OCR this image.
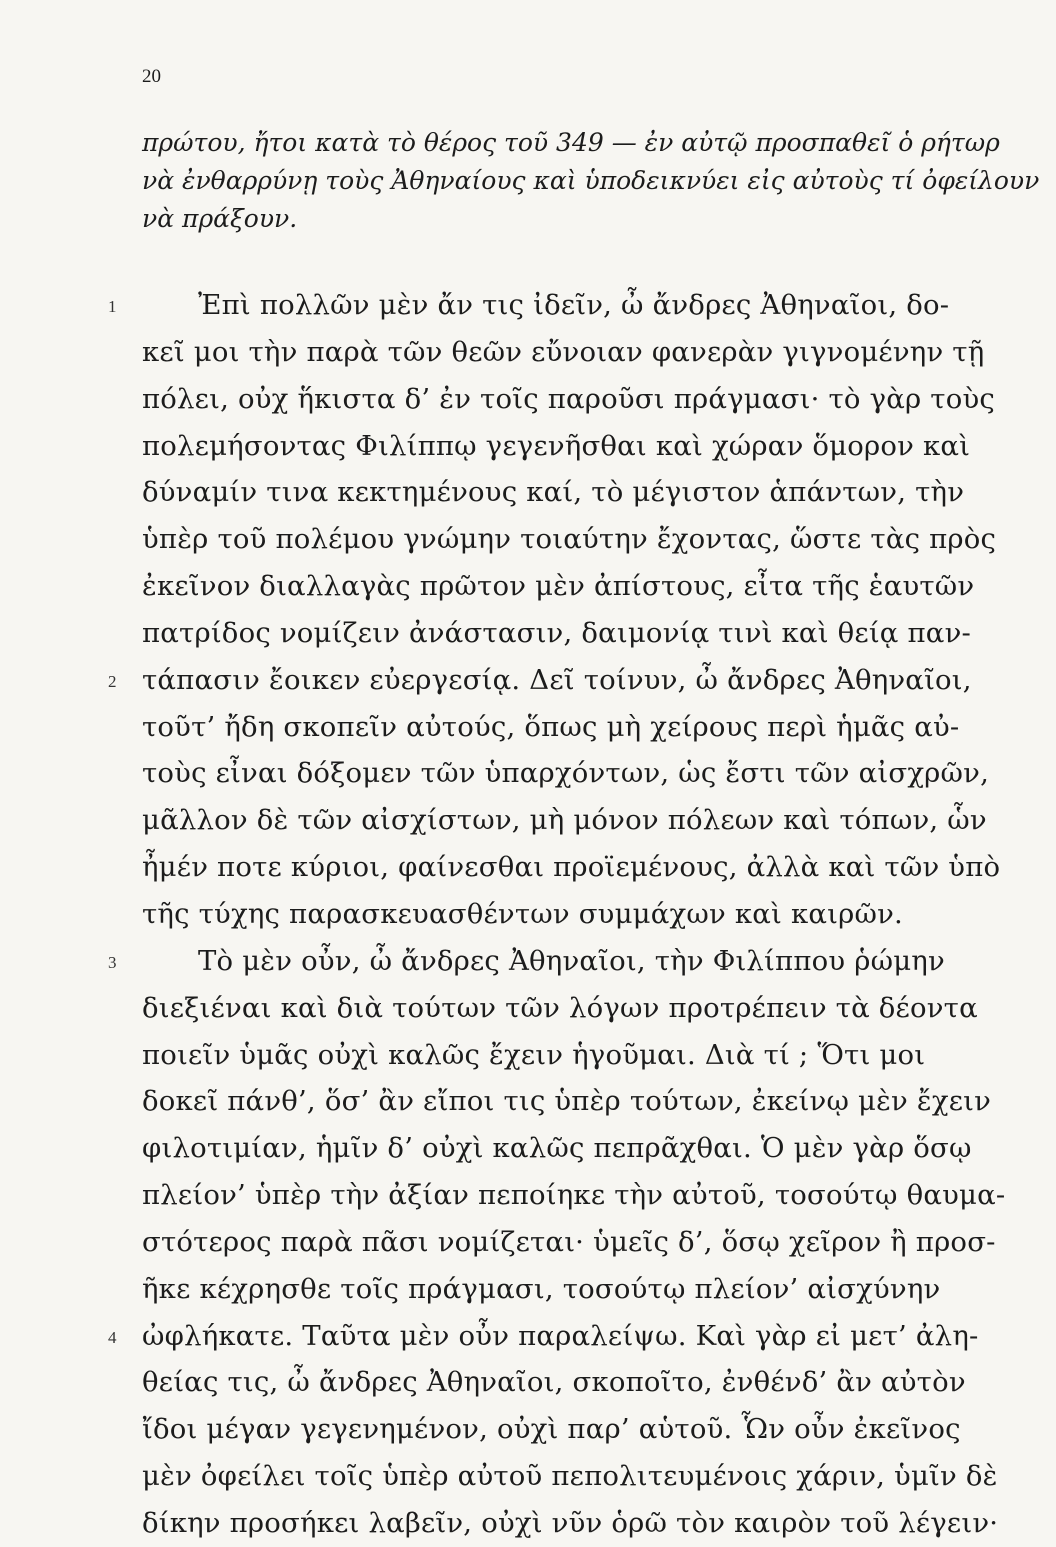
20
πρώτου, ἤτοι κατὰ τὸ θέρος τοῦ 349 — ἐν αὐτῷ προσπαθεῖ ὁ ρήτωρ
νὰ ἐνθαρρύνῃ τοὺς Ἀθηναίους καὶ ὑποδεικνύει εἰς αὐτοὺς τί ὀφείλουν
νὰ πράξουν.
1	Ἐπὶ πολλῶν μὲν ἄν τις ἰδεῖν, ὦ ἄνδρες Ἀθηναῖοι, δο-
κεῖ μοι τὴν παρὰ τῶν θεῶν εὔνοιαν φανερὰν γιγνομένην τῇ
πόλει, οὐχ ἥκιστα δ’ ἐν τοῖς παροῦσι πράγμασι· τὸ γὰρ τοὺς
πολεμήσοντας Φιλίππῳ γεγενῆσθαι καὶ χώραν ὅμορον καὶ
δύναμίν τινα κεκτημένους καί, τὸ μέγιστον ἁπάντων, τὴν
ὑπὲρ τοῦ πολέμου γνώμην τοιαύτην ἔχοντας, ὥστε τὰς πρὸς
ἐκεῖνον διαλλαγὰς πρῶτον μὲν ἀπίστους, εἶτα τῆς ἑαυτῶν
πατρίδος νομίζειν ἀνάστασιν, δαιμονίᾳ τινὶ καὶ θείᾳ παν-
2 τάπασιν ἔοικεν εὐεργεσίᾳ. Δεῖ τοίνυν, ὦ ἄνδρες Ἀθηναῖοι,
τοῦτ’ ἤδη σκοπεῖν αὐτούς, ὅπως μὴ χείρους περὶ ἡμᾶς αὐ-
τοὺς εἶναι δόξομεν τῶν ὑπαρχόντων, ὡς ἔστι τῶν αἰσχρῶν,
μᾶλλον δὲ τῶν αἰσχίστων, μὴ μόνον πόλεων καὶ τόπων, ὧν
ἦμέν ποτε κύριοι, φαίνεσθαι προϊεμένους, ἀλλὰ καὶ τῶν ὑπὸ
τῆς τύχης παρασκευασθέντων συμμάχων καὶ καιρῶν.
3	Τὸ μὲν οὖν, ὦ ἄνδρες Ἀθηναῖοι, τὴν Φιλίππου ῥώμην
διεξιέναι καὶ διὰ τούτων τῶν λόγων προτρέπειν τὰ δέοντα
ποιεῖν ὑμᾶς οὐχὶ καλῶς ἔχειν ἡγοῦμαι. Διὰ τί ; Ὅτι μοι
δοκεῖ πάνθ’, ὅσ’ ἂν εἴποι τις ὑπὲρ τούτων, ἐκείνῳ μὲν ἔχειν
φιλοτιμίαν, ἡμῖν δ’ οὐχὶ καλῶς πεπρᾶχθαι. Ὁ μὲν γὰρ ὅσῳ
πλείον’ ὑπὲρ τὴν ἀξίαν πεποίηκε τὴν αὐτοῦ, τοσούτῳ θαυμα-
στότερος παρὰ πᾶσι νομίζεται· ὑμεῖς δ’, ὅσῳ χεῖρον ἢ προσ-
ῆκε κέχρησθε τοῖς πράγμασι, τοσούτῳ πλείον’ αἰσχύνην
4 ὠφλήκατε. Ταῦτα μὲν οὖν παραλείψω. Καὶ γὰρ εἰ μετ’ ἀλη-
θείας τις, ὦ ἄνδρες Ἀθηναῖοι, σκοποῖτο, ἐνθένδ’ ἂν αὐτὸν
ἴδοι μέγαν γεγενημένον, οὐχὶ παρ’ αὑτοῦ. Ὧν οὖν ἐκεῖνος
μὲν ὀφείλει τοῖς ὑπὲρ αὐτοῦ πεπολιτευμένοις χάριν, ὑμῖν δὲ
δίκην προσήκει λαβεῖν, οὐχὶ νῦν ὁρῶ τὸν καιρὸν τοῦ λέγειν·
